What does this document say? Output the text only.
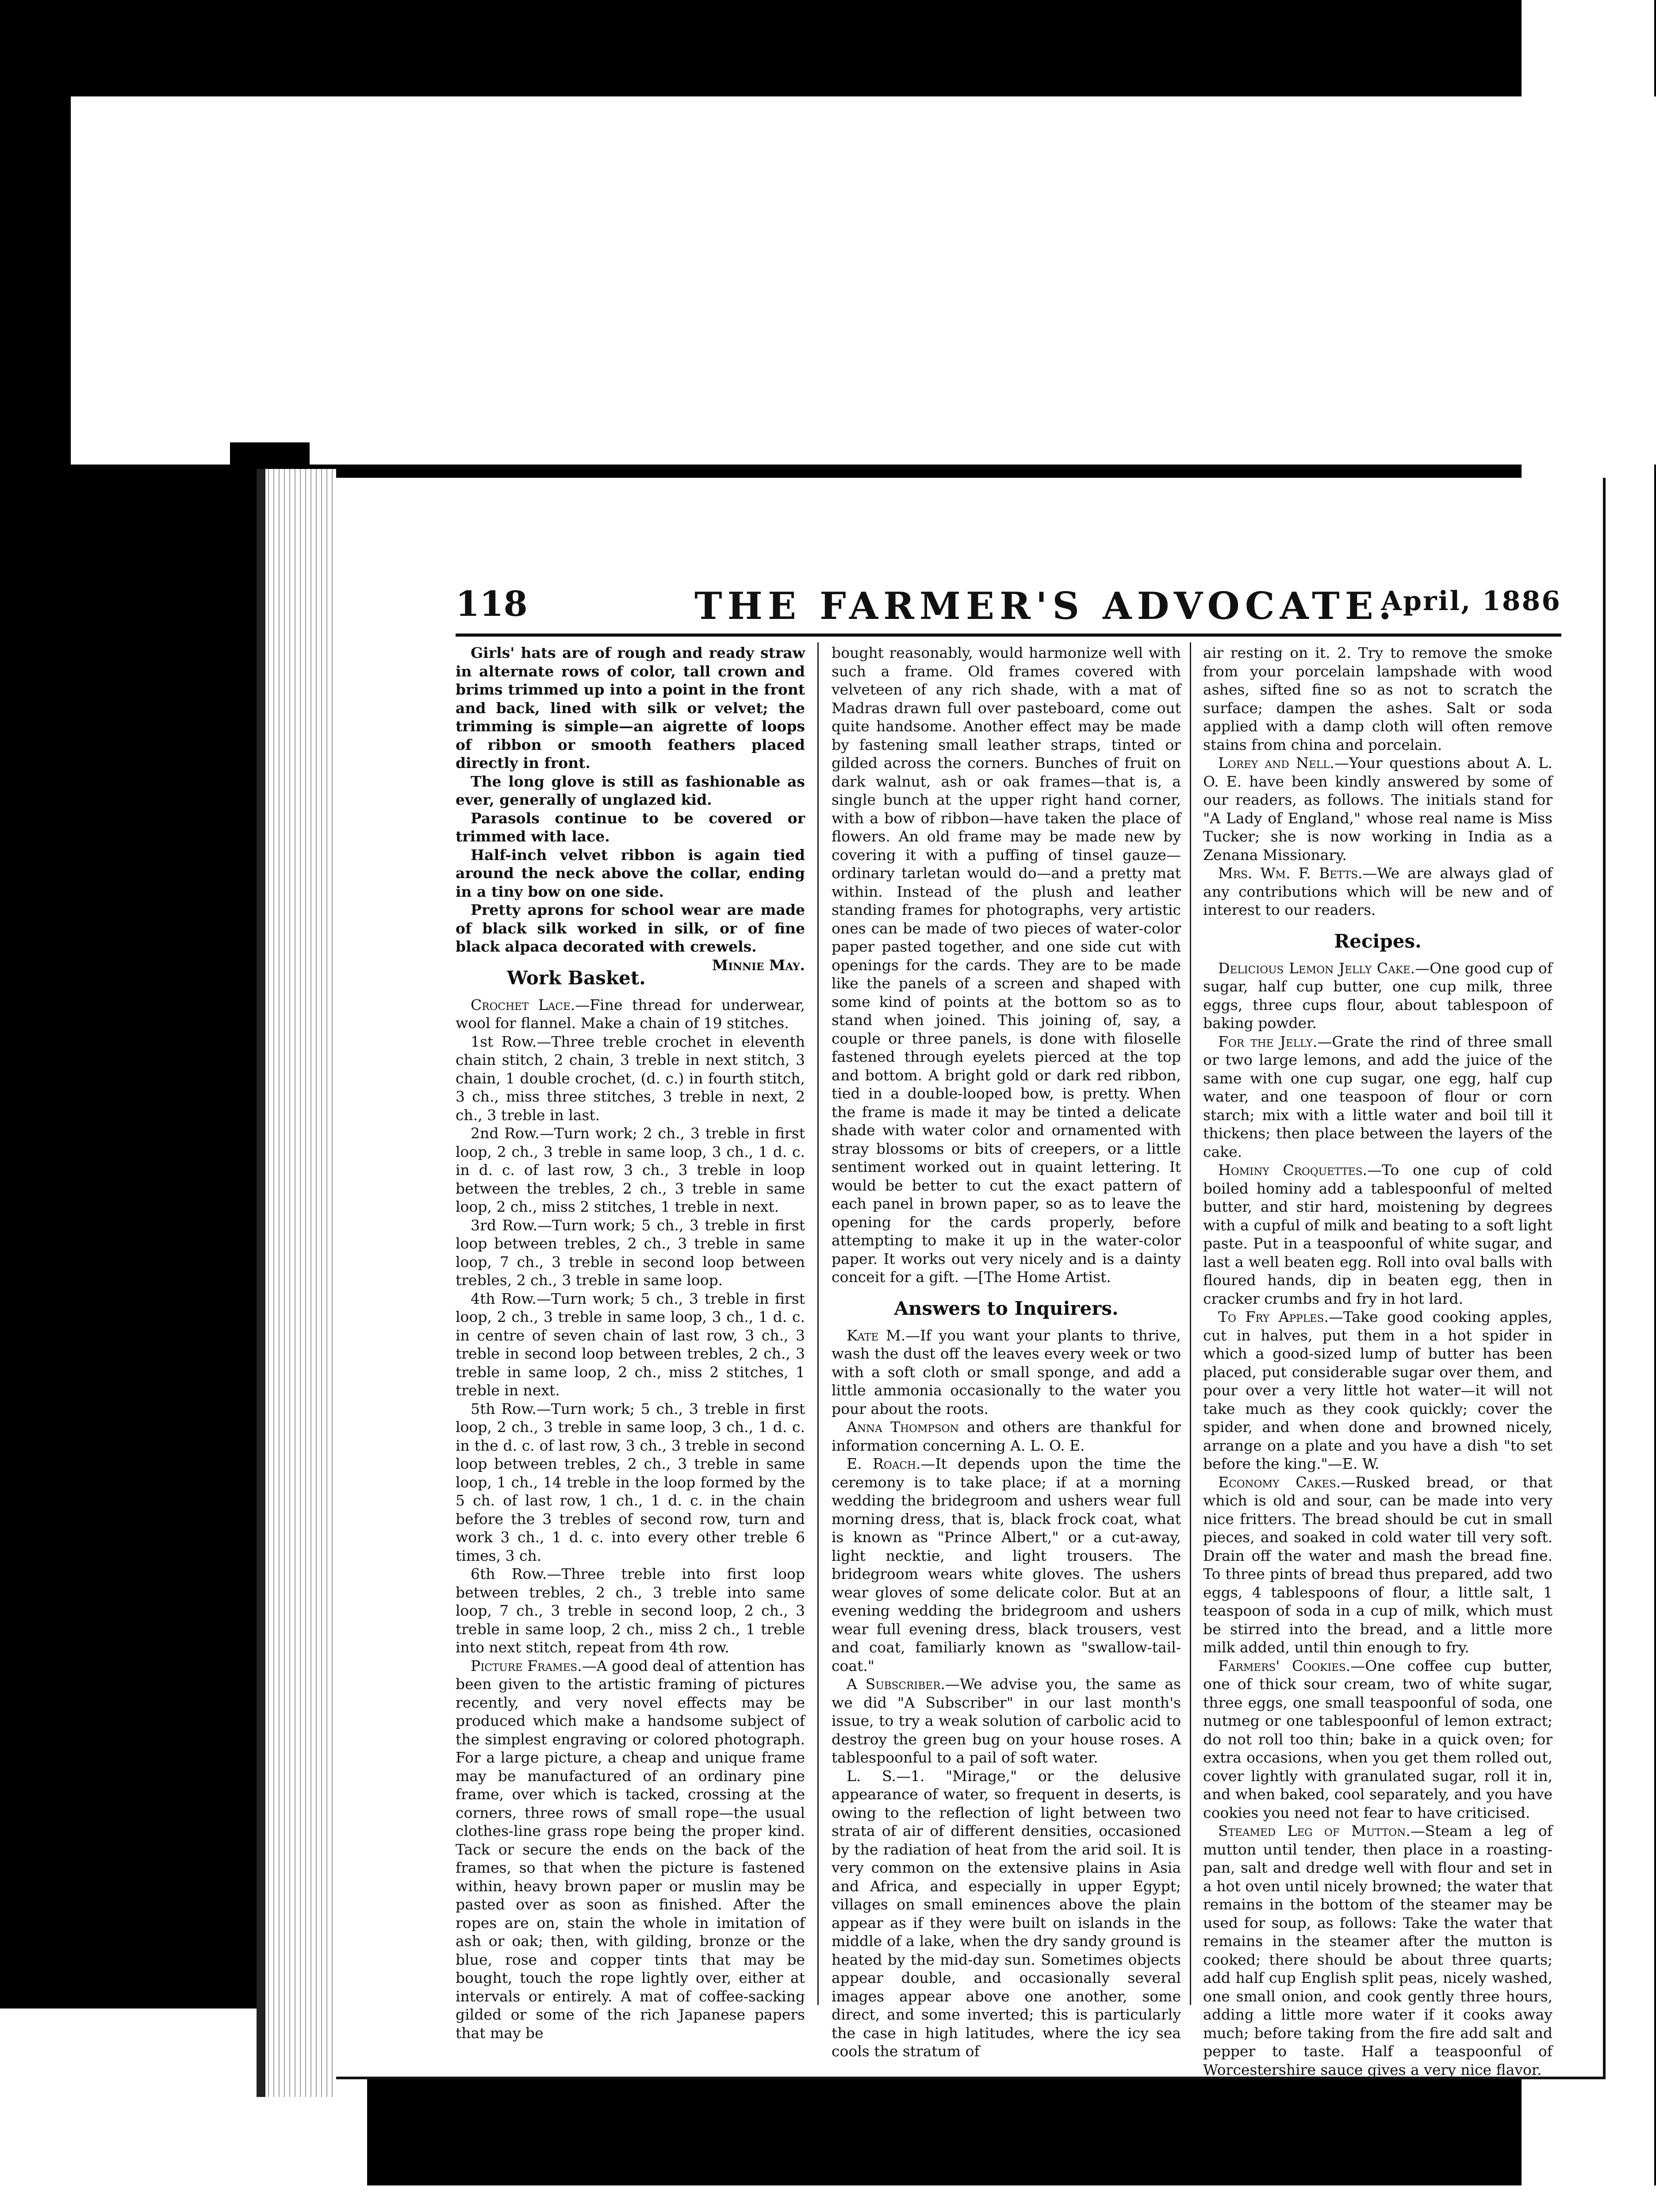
118	THE FARMER'S ADVOCATE.
April, 1886

Girls' hats are of rough and ready straw in alternate rows of color, tall crown and brims trimmed up into a point in the front and back, lined with silk or velvet; the trimming is simple—an aigrette of loops of ribbon or smooth feathers placed directly in front.

The long glove is still as fashionable as ever, generally of unglazed kid.

Parasols continue to be covered or trimmed with lace.

Half-inch velvet ribbon is again tied around the neck above the collar, ending in a tiny bow on one side.

Pretty aprons for school wear are made of black silk worked in silk, or of fine black alpaca decorated with crewels.
Minnie May.

Work Basket.

Crochet Lace.—Fine thread for underwear, wool for flannel. Make a chain of 19 stitches.

1st Row.—Three treble crochet in eleventh chain stitch, 2 chain, 3 treble in next stitch, 3 chain, 1 double crochet, (d. c.) in fourth stitch, 3 ch., miss three stitches, 3 treble in next, 2 ch., 3 treble in last.

2nd Row.—Turn work; 2 ch., 3 treble in first loop, 2 ch., 3 treble in same loop, 3 ch., 1 d. c. in d. c. of last row, 3 ch., 3 treble in loop between the trebles, 2 ch., 3 treble in same loop, 2 ch., miss 2 stitches, 1 treble in next.

3rd Row.—Turn work; 5 ch., 3 treble in first loop between trebles, 2 ch., 3 treble in same loop, 7 ch., 3 treble in second loop between trebles, 2 ch., 3 treble in same loop.

4th Row.—Turn work; 5 ch., 3 treble in first loop, 2 ch., 3 treble in same loop, 3 ch., 1 d. c. in centre of seven chain of last row, 3 ch., 3 treble in second loop between trebles, 2 ch., 3 treble in same loop, 2 ch., miss 2 stitches, 1 treble in next.

5th Row.—Turn work; 5 ch., 3 treble in first loop, 2 ch., 3 treble in same loop, 3 ch., 1 d. c. in the d. c. of last row, 3 ch., 3 treble in second loop between trebles, 2 ch., 3 treble in same loop, 1 ch., 14 treble in the loop formed by the 5 ch. of last row, 1 ch., 1 d. c. in the chain before the 3 trebles of second row, turn and work 3 ch., 1 d. c. into every other treble 6 times, 3 ch.

6th Row.—Three treble into first loop between trebles, 2 ch., 3 treble into same loop, 7 ch., 3 treble in second loop, 2 ch., 3 treble in same loop, 2 ch., miss 2 ch., 1 treble into next stitch, repeat from 4th row.

Picture Frames.—A good deal of attention has been given to the artistic framing of pictures recently, and very novel effects may be produced which make a handsome subject of the simplest engraving or colored photograph. For a large picture, a cheap and unique frame may be manufactured of an ordinary pine frame, over which is tacked, crossing at the corners, three rows of small rope—the usual clothes-line grass rope being the proper kind. Tack or secure the ends on the back of the frames, so that when the picture is fastened within, heavy brown paper or muslin may be pasted over as soon as finished. After the ropes are on, stain the whole in imitation of ash or oak; then, with gilding, bronze or the blue, rose and copper tints that may be bought, touch the rope lightly over, either at intervals or entirely. A mat of coffee-sacking gilded or some of the rich Japanese papers that may be

bought reasonably, would harmonize well with such a frame. Old frames covered with velveteen of any rich shade, with a mat of Madras drawn full over pasteboard, come out quite handsome. Another effect may be made by fastening small leather straps, tinted or gilded across the corners. Bunches of fruit on dark walnut, ash or oak frames—that is, a single bunch at the upper right hand corner, with a bow of ribbon—have taken the place of flowers. An old frame may be made new by covering it with a puffing of tinsel gauze—ordinary tarletan would do—and a pretty mat within. Instead of the plush and leather standing frames for photographs, very artistic ones can be made of two pieces of water-color paper pasted together, and one side cut with openings for the cards. They are to be made like the panels of a screen and shaped with some kind of points at the bottom so as to stand when joined. This joining of, say, a couple or three panels, is done with filoselle fastened through eyelets pierced at the top and bottom. A bright gold or dark red ribbon, tied in a double-looped bow, is pretty. When the frame is made it may be tinted a delicate shade with water color and ornamented with stray blossoms or bits of creepers, or a little sentiment worked out in quaint lettering. It would be better to cut the exact pattern of each panel in brown paper, so as to leave the opening for the cards properly, before attempting to make it up in the water-color paper. It works out very nicely and is a dainty conceit for a gift. —[The Home Artist.

Answers to Inquirers.

Kate M.—If you want your plants to thrive, wash the dust off the leaves every week or two with a soft cloth or small sponge, and add a little ammonia occasionally to the water you pour about the roots.

Anna Thompson and others are thankful for information concerning A. L. O. E.

E. Roach.—It depends upon the time the ceremony is to take place; if at a morning wedding the bridegroom and ushers wear full morning dress, that is, black frock coat, what is known as "Prince Albert," or a cut-away, light necktie, and light trousers. The bridegroom wears white gloves. The ushers wear gloves of some delicate color. But at an evening wedding the bridegroom and ushers wear full evening dress, black trousers, vest and coat, familiarly known as "swallow-tail-coat."

A Subscriber.—We advise you, the same as we did "A Subscriber" in our last month's issue, to try a weak solution of carbolic acid to destroy the green bug on your house roses. A tablespoonful to a pail of soft water.

L. S.—1. "Mirage," or the delusive appearance of water, so frequent in deserts, is owing to the reflection of light between two strata of air of different densities, occasioned by the radiation of heat from the arid soil. It is very common on the extensive plains in Asia and Africa, and especially in upper Egypt; villages on small eminences above the plain appear as if they were built on islands in the middle of a lake, when the dry sandy ground is heated by the mid-day sun. Sometimes objects appear double, and occasionally several images appear above one another, some direct, and some inverted; this is particularly the case in high latitudes, where the icy sea cools the stratum of

air resting on it. 2. Try to remove the smoke from your porcelain lampshade with wood ashes, sifted fine so as not to scratch the surface; dampen the ashes. Salt or soda applied with a damp cloth will often remove stains from china and porcelain.

Lorey and Nell.—Your questions about A. L. O. E. have been kindly answered by some of our readers, as follows. The initials stand for "A Lady of England," whose real name is Miss Tucker; she is now working in India as a Zenana Missionary.

Mrs. Wm. F. Betts.—We are always glad of any contributions which will be new and of interest to our readers.

Recipes.

Delicious Lemon Jelly Cake.—One good cup of sugar, half cup butter, one cup milk, three eggs, three cups flour, about tablespoon of baking powder.

For the Jelly.—Grate the rind of three small or two large lemons, and add the juice of the same with one cup sugar, one egg, half cup water, and one teaspoon of flour or corn starch; mix with a little water and boil till it thickens; then place between the layers of the cake.

Hominy Croquettes.—To one cup of cold boiled hominy add a tablespoonful of melted butter, and stir hard, moistening by degrees with a cupful of milk and beating to a soft light paste. Put in a teaspoonful of white sugar, and last a well beaten egg. Roll into oval balls with floured hands, dip in beaten egg, then in cracker crumbs and fry in hot lard.

To Fry Apples.—Take good cooking apples, cut in halves, put them in a hot spider in which a good-sized lump of butter has been placed, put considerable sugar over them, and pour over a very little hot water—it will not take much as they cook quickly; cover the spider, and when done and browned nicely, arrange on a plate and you have a dish "to set before the king."—E. W.

Economy Cakes.—Rusked bread, or that which is old and sour, can be made into very nice fritters. The bread should be cut in small pieces, and soaked in cold water till very soft. Drain off the water and mash the bread fine. To three pints of bread thus prepared, add two eggs, 4 tablespoons of flour, a little salt, 1 teaspoon of soda in a cup of milk, which must be stirred into the bread, and a little more milk added, until thin enough to fry.

Farmers' Cookies.—One coffee cup butter, one of thick sour cream, two of white sugar, three eggs, one small teaspoonful of soda, one nutmeg or one tablespoonful of lemon extract; do not roll too thin; bake in a quick oven; for extra occasions, when you get them rolled out, cover lightly with granulated sugar, roll it in, and when baked, cool separately, and you have cookies you need not fear to have criticised.

Steamed Leg of Mutton.—Steam a leg of mutton until tender, then place in a roasting-pan, salt and dredge well with flour and set in a hot oven until nicely browned; the water that remains in the bottom of the steamer may be used for soup, as follows: Take the water that remains in the steamer after the mutton is cooked; there should be about three quarts; add half cup English split peas, nicely washed, one small onion, and cook gently three hours, adding a little more water if it cooks away much; before taking from the fire add salt and pepper to taste. Half a teaspoonful of Worcestershire sauce gives a very nice flavor.
